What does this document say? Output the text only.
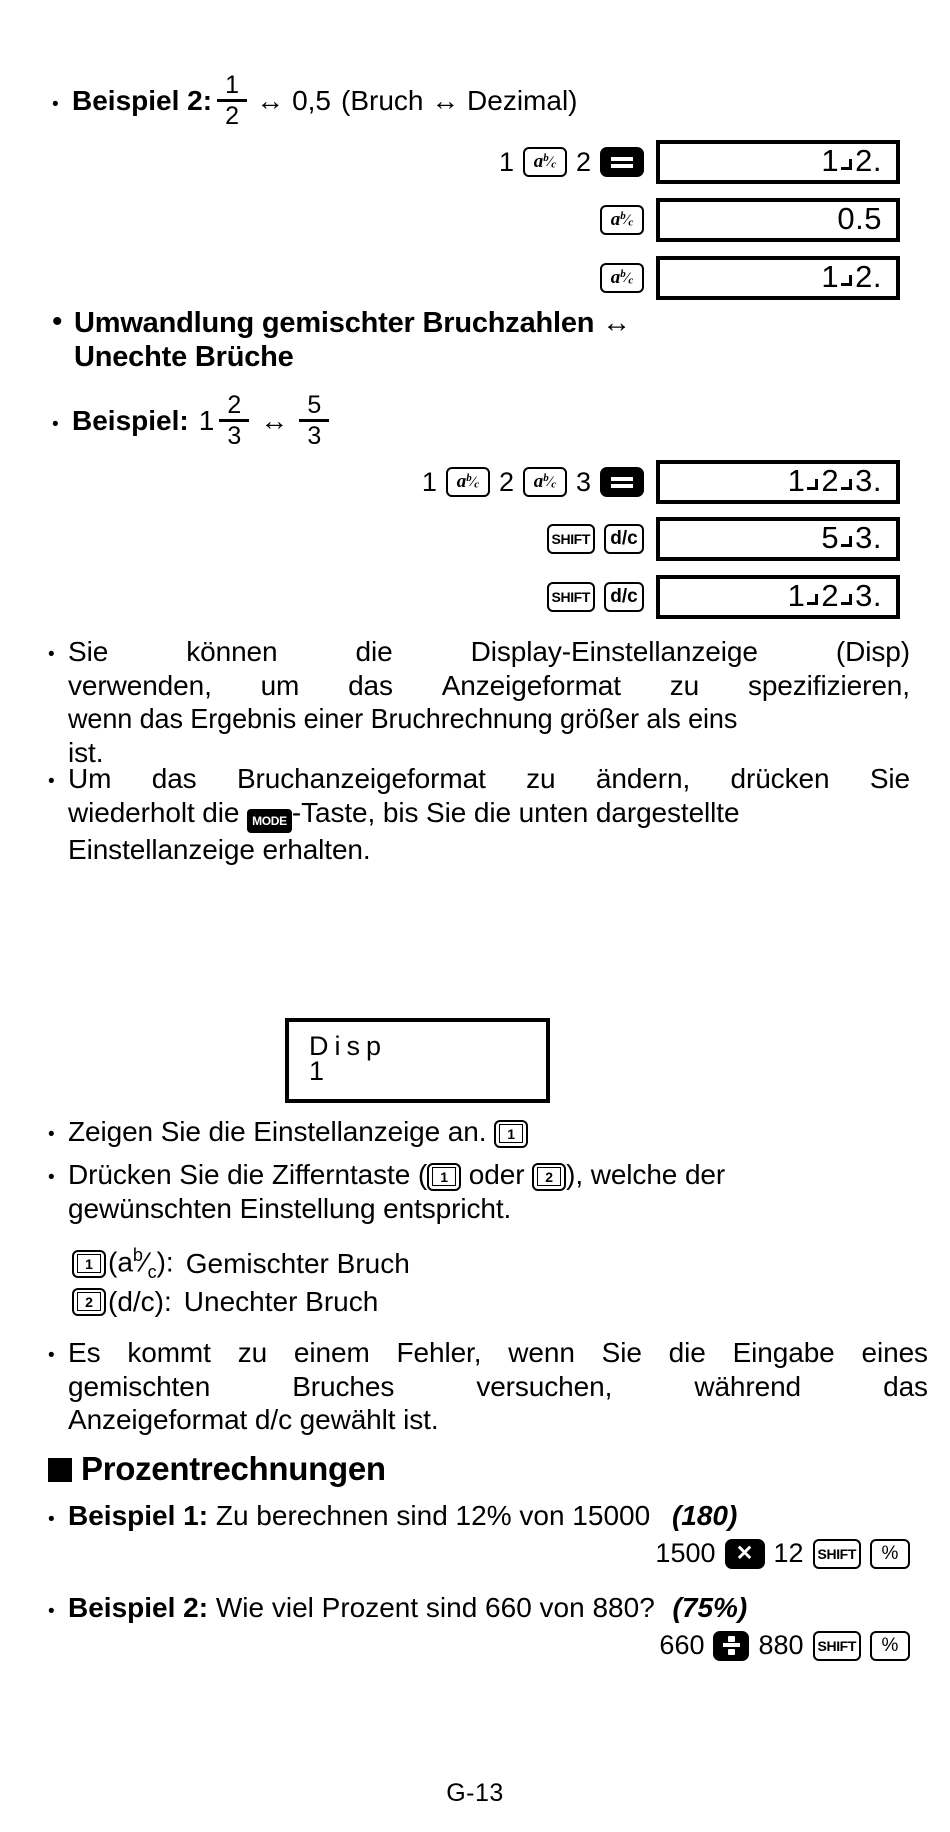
•
Beispiel 2: $\frac{1}{2}$ ↔ 0,5 (Bruch ↔ Dezimal)
1 a $^b⁄_c$ 2	1 2.
a $^b⁄_c$	0.5
a $^b⁄_c$	1 2.
•
Umwandlung gemischter Bruchzahlen ↔
Unechte Brüche
•
Beispiel: $1 \frac{2}{3}$ ↔ $\frac{5}{3}$
1 a $^b⁄_c$ 2 a $^b⁄_c$ 3	1 2 3.
SHIFT	d/c	5 3.
SHIFT	d/c	1 2 3.
•
Sie	können	die	Display-Einstellanzeige	(Disp)
verwenden, um das Anzeigeformat zu spezifizieren,
wenn das Ergebnis einer Bruchrechnung größer als eins
ist.
•
Um das Bruchanzeigeformat zu ändern, drücken Sie
wiederholt die MODE -Taste, bis Sie die unten dargestellte
Einstellanzeige erhalten.
Disp
1
•
Zeigen Sie die Einstellanzeige an.	1
•
Drücken Sie die Zifferntaste ( 1 oder	2 ), welche der
gewünschten Einstellung entspricht.
1 $(a^b⁄_c)$: Gemischter Bruch
2 (d/c): Unechter Bruch
•
Es kommt zu einem Fehler, wenn Sie die Eingabe eines
gemischten	Bruches	versuchen,	während	das
Anzeigeformat d/c gewählt ist.
Prozentrechnungen
•
Beispiel 1: Zu berechnen sind 12% von 15000 (180)
1500 ✕ 12	SHIFT	%
•
Beispiel 2: Wie viel Prozent sind 660 von 880? (75%)
660 880	SHIFT	%
G-13
